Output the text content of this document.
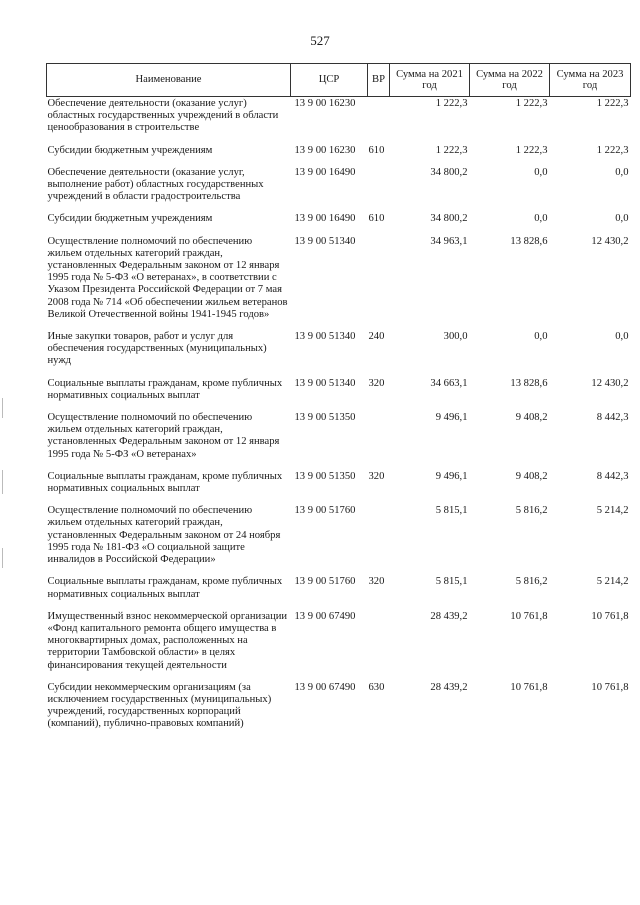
527
Наименование	ЦСР	ВР	Сумма на 2021 год	Сумма на 2022 год	Сумма на 2023 год
Обеспечение деятельности (оказание услуг) областных государственных учреждений в области ценообразования в строительстве	13 9 00 16230		1 222,3	1 222,3	1 222,3
Субсидии бюджетным учреждениям	13 9 00 16230	610	1 222,3	1 222,3	1 222,3
Обеспечение деятельности (оказание услуг, выполнение работ) областных государственных учреждений в области градостроительства	13 9 00 16490		34 800,2	0,0	0,0
Субсидии бюджетным учреждениям	13 9 00 16490	610	34 800,2	0,0	0,0
Осуществление полномочий по обеспечению жильем отдельных категорий граждан, установленных Федеральным законом от 12 января 1995 года № 5-ФЗ «О ветеранах», в соответствии с Указом Президента Российской Федерации от 7 мая 2008 года № 714 «Об обеспечении жильем ветеранов Великой Отечественной войны 1941-1945 годов»	13 9 00 51340		34 963,1	13 828,6	12 430,2
Иные закупки товаров, работ и услуг для обеспечения государственных (муниципальных) нужд	13 9 00 51340	240	300,0	0,0	0,0
Социальные выплаты гражданам, кроме публичных нормативных социальных выплат	13 9 00 51340	320	34 663,1	13 828,6	12 430,2
Осуществление полномочий по обеспечению жильем отдельных категорий граждан, установленных Федеральным законом от 12 января 1995 года № 5-ФЗ «О ветеранах»	13 9 00 51350		9 496,1	9 408,2	8 442,3
Социальные выплаты гражданам, кроме публичных нормативных социальных выплат	13 9 00 51350	320	9 496,1	9 408,2	8 442,3
Осуществление полномочий по обеспечению жильем отдельных категорий граждан, установленных Федеральным законом от 24 ноября 1995 года № 181-ФЗ «О социальной защите инвалидов в Российской Федерации»	13 9 00 51760		5 815,1	5 816,2	5 214,2
Социальные выплаты гражданам, кроме публичных нормативных социальных выплат	13 9 00 51760	320	5 815,1	5 816,2	5 214,2
Имущественный взнос некоммерческой организации «Фонд капитального ремонта общего имущества в многоквартирных домах, расположенных на территории Тамбовской области» в целях финансирования текущей деятельности	13 9 00 67490		28 439,2	10 761,8	10 761,8
Субсидии некоммерческим организациям (за исключением государственных (муниципальных) учреждений, государственных корпораций (компаний), публично-правовых компаний)	13 9 00 67490	630	28 439,2	10 761,8	10 761,8
